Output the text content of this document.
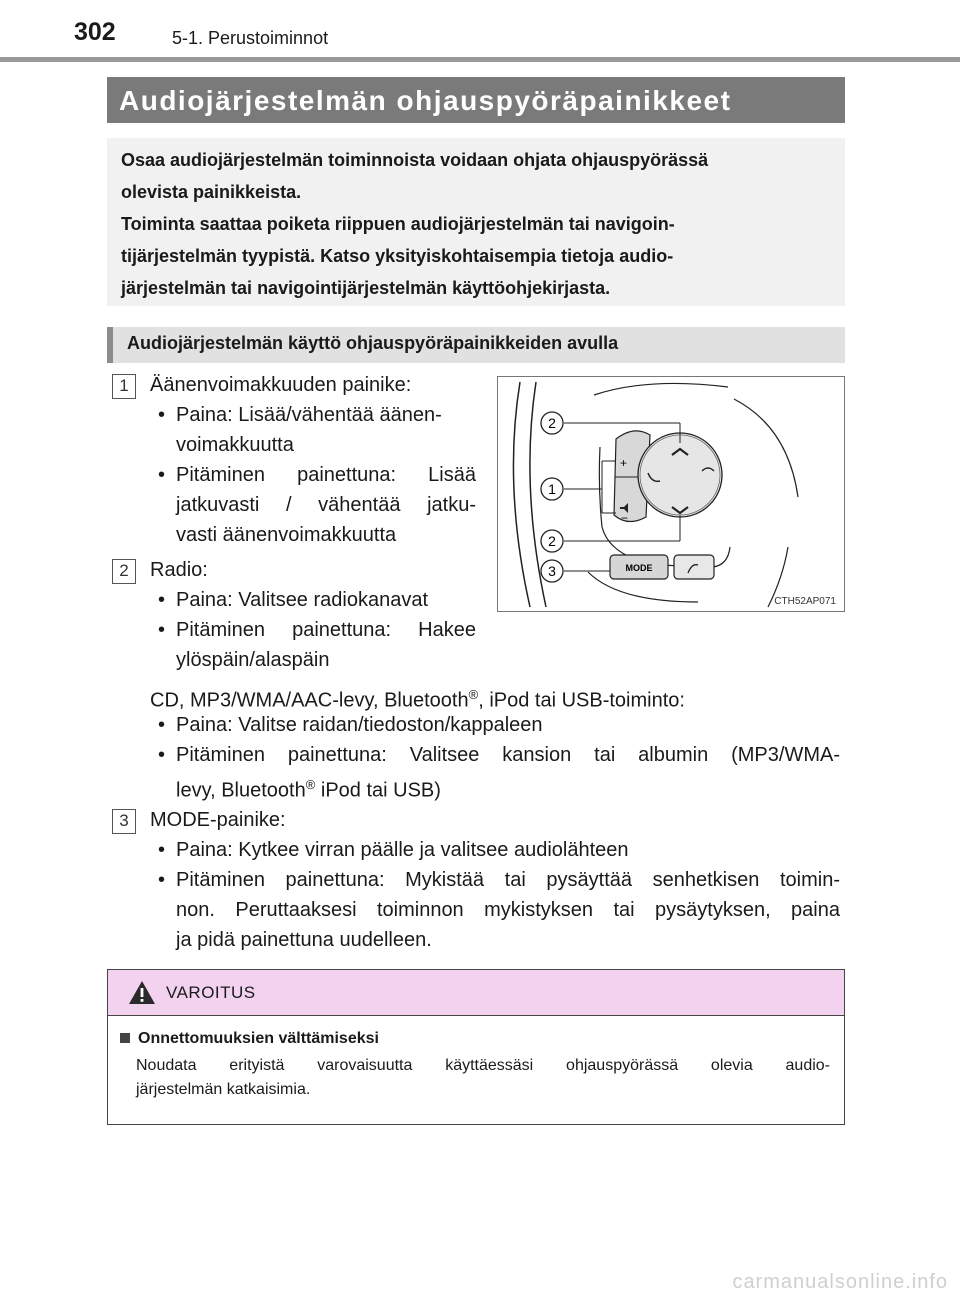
302	5-1. Perustoiminnot
Audiojärjestelmän ohjauspyöräpainikkeet

Osaa audiojärjestelmän toiminnoista voidaan ohjata ohjauspyörässä

olevista painikkeista.

Toiminta saattaa poiketa riippuen audiojärjestelmän tai navigoin-

tijärjestelmän tyypistä. Katso yksityiskohtaisempia tietoja audio-

järjestelmän tai navigointijärjestelmän käyttöohjekirjasta.

Audiojärjestelmän käyttö ohjauspyöräpainikkeiden avulla
1	Äänenvoimakkuuden painike:
• Paina: Lisää/vähentää äänen-
voimakkuutta
• Pitäminen painettuna: Lisää
jatkuvasti / vähentää jatku-
vasti äänenvoimakkuutta
2	Radio:
• Paina: Valitsee radiokanavat
• Pitäminen painettuna: Hakee
ylöspäin/alaspäin
CD, MP3/WMA/AAC-levy, Bluetooth®, iPod tai USB-toiminto:
• Paina: Valitse raidan/tiedoston/kappaleen
• Pitäminen painettuna: Valitsee kansion tai albumin (MP3/WMA-
levy, Bluetooth® iPod tai USB)
3	MODE-painike:
• Paina: Kytkee virran päälle ja valitsee audiolähteen
• Pitäminen painettuna: Mykistää tai pysäyttää senhetkisen toimin-
non. Peruttaaksesi toiminnon mykistyksen tai pysäytyksen, paina
ja pidä painettuna uudelleen.
+
−
2
1
2
3	MODE
CTH52AP071
VAROITUS
Onnettomuuksien välttämiseksi
Noudata erityistä varovaisuutta käyttäessäsi ohjauspyörässä olevia audio-
järjestelmän katkaisimia.
carmanualsonline.info
